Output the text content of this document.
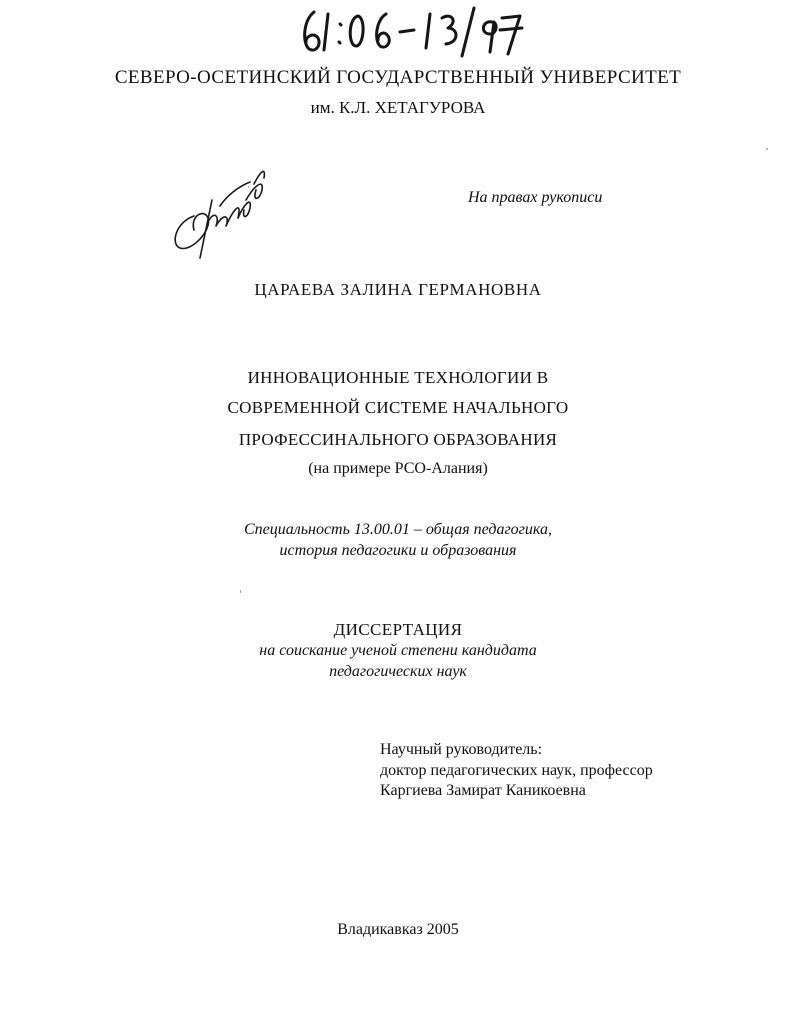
СЕВЕРО-ОСЕТИНСКИЙ ГОСУДАРСТВЕННЫЙ УНИВЕРСИТЕТ
им. К.Л. ХЕТАГУРОВА
На правах рукописи
ЦАРАЕВА ЗАЛИНА ГЕРМАНОВНА
ИННОВАЦИОННЫЕ ТЕХНОЛОГИИ В
СОВРЕМЕННОЙ СИСТЕМЕ НАЧАЛЬНОГО
ПРОФЕССИНАЛЬНОГО ОБРАЗОВАНИЯ
(на примере РСО-Алания)
Специальность 13.00.01 – общая педагогика,
история педагогики и образования
ДИССЕРТАЦИЯ
на соискание ученой степени кандидата
педагогических наук
Научный руководитель:
доктор педагогических наук, профессор
Каргиева Замират Каникоевна
Владикавказ 2005
